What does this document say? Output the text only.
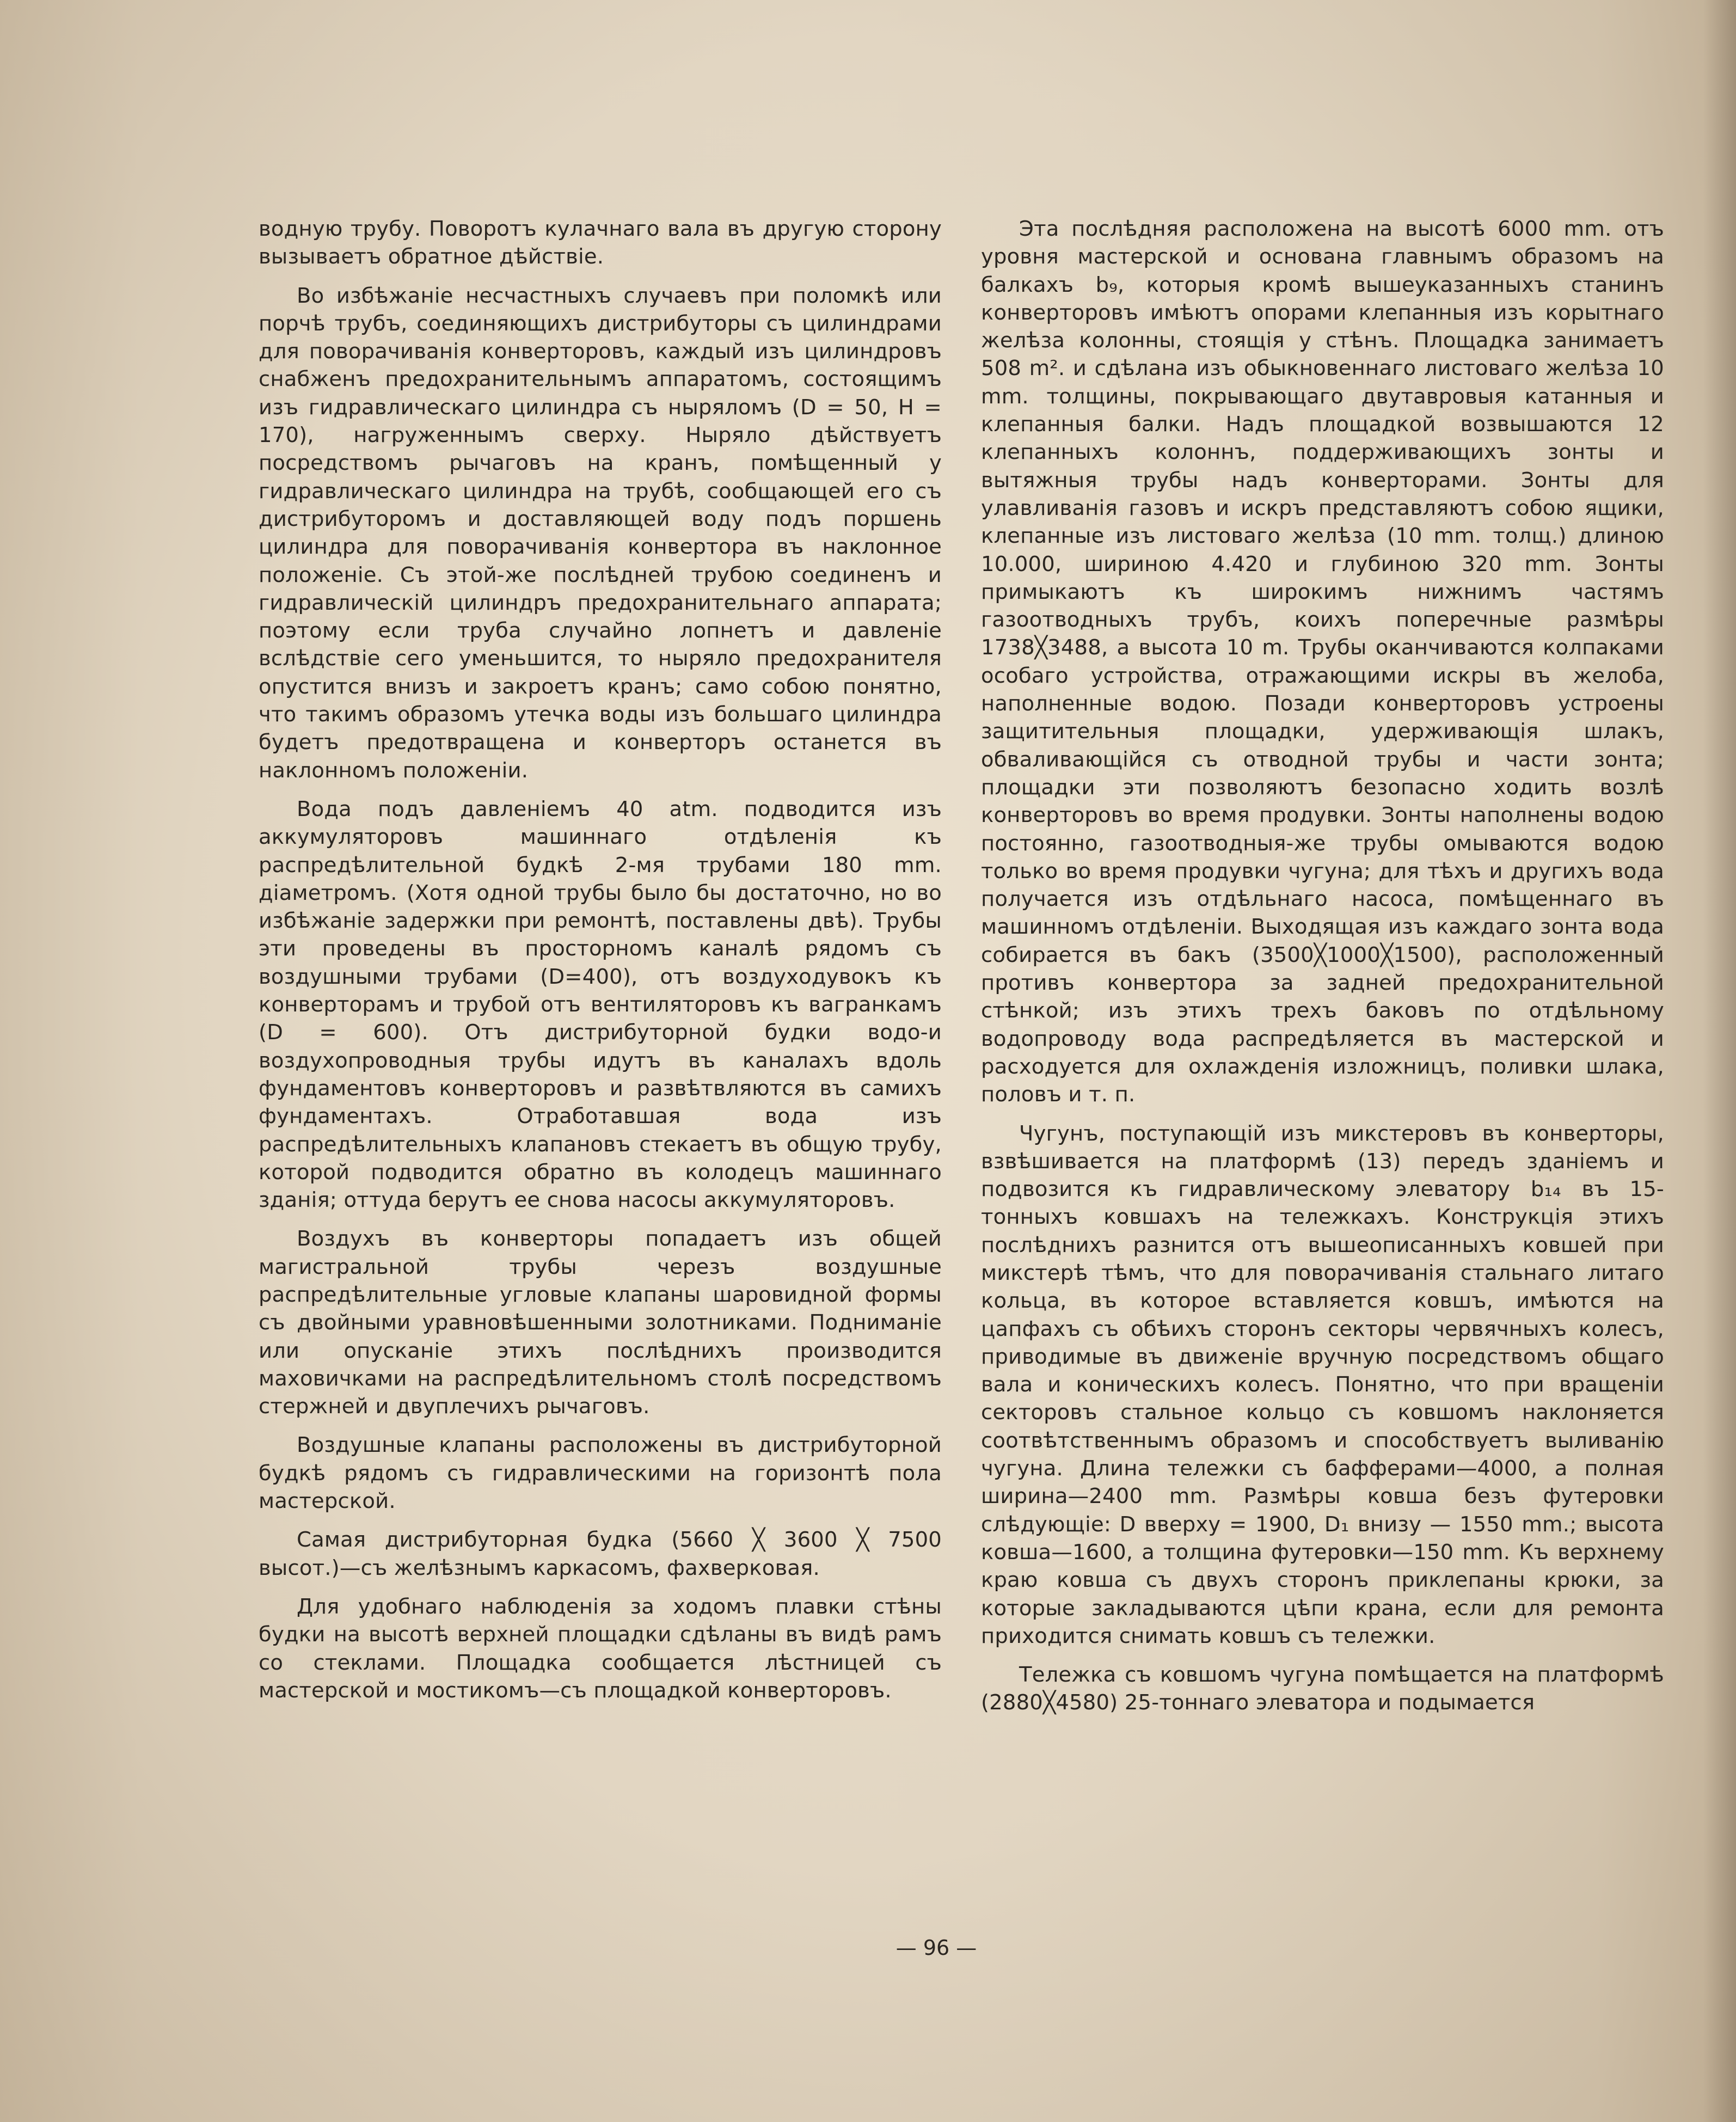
водную трубу. Поворотъ кулачнаго вала въ другую сторону вызываетъ обратное дѣйствіе.

Во избѣжаніе несчастныхъ случаевъ при поломкѣ или порчѣ трубъ, соединяющихъ дистрибуторы съ цилиндрами для поворачиванія конверторовъ, каждый изъ цилиндровъ снабженъ предохранительнымъ аппаратомъ, состоящимъ изъ гидравлическаго цилиндра съ ныряломъ (D = 50, H = 170), нагруженнымъ сверху. Нырялo дѣйствуетъ посредствомъ рычаговъ на кранъ, помѣщенный у гидравлическаго цилиндра на трубѣ, сообщающей его съ дистрибуторомъ и доставляющей воду подъ поршень цилиндра для поворачиванія конвертора въ наклонное положеніе. Съ этой-же послѣдней трубою соединенъ и гидравлическій цилиндръ предохранительнаго аппарата; поэтому если труба случайно лопнетъ и давленіе вслѣдствіе сего уменьшится, то нырялo предохранителя опустится внизъ и закроетъ кранъ; само собою понятно, что такимъ образомъ утечка воды изъ большаго цилиндра будетъ предотвращена и конверторъ останется въ наклонномъ положеніи.

Вода подъ давленіемъ 40 atm. подводится изъ аккумуляторовъ машиннаго отдѣленія къ распредѣлительной будкѣ 2-мя трубами 180 mm. діаметромъ. (Хотя одной трубы было бы достаточно, но во избѣжаніе задержки при ремонтѣ, поставлены двѣ). Трубы эти проведены въ просторномъ каналѣ рядомъ съ воздушными трубами (D=400), отъ воздуходувокъ къ конверторамъ и трубой отъ вентиляторовъ къ вагранкамъ (D = 600). Отъ дистрибуторной будки водо-и воздухопроводныя трубы идутъ въ каналахъ вдоль фундаментовъ конверторовъ и развѣтвляются въ самихъ фундаментахъ. Отработавшая вода изъ распредѣлительныхъ клапановъ стекаетъ въ общую трубу, которой подводится обратно въ колодецъ машиннаго зданія; оттуда берутъ ее снова насосы аккумуляторовъ.

Воздухъ въ конверторы попадаетъ изъ общей магистральной трубы черезъ воздушные распредѣлительные угловые клапаны шаровидной формы съ двойными уравновѣшенными золотниками. Подниманіе или опусканіе этихъ послѣднихъ производится маховичками на распредѣлительномъ столѣ посредствомъ стержней и двуплечихъ рычаговъ.

Воздушные клапаны расположены въ дистрибуторной будкѣ рядомъ съ гидравлическими на горизонтѣ пола мастерской.

Самая дистрибуторная будка (5660 ╳ 3600 ╳ 7500 высот.)—съ желѣзнымъ каркасомъ, фахверковая.

Для удобнаго наблюденія за ходомъ плавки стѣны будки на высотѣ верхней площадки сдѣланы въ видѣ рамъ со стеклами. Площадка сообщается лѣстницей съ мастерской и мостикомъ—съ площадкой конверторовъ.

Эта послѣдняя расположена на высотѣ 6000 mm. отъ уровня мастерской и основана главнымъ образомъ на балкахъ b₉, которыя кромѣ вышеуказанныхъ станинъ конверторовъ имѣютъ опорами клепанныя изъ корытнаго желѣза колонны, стоящія у стѣнъ. Площадка занимаетъ 508 m². и сдѣлана изъ обыкновеннаго листоваго желѣза 10 mm. толщины, покрывающаго двутавровыя катанныя и клепанныя балки. Надъ площадкой возвышаются 12 клепанныхъ колоннъ, поддерживающихъ зонты и вытяжныя трубы надъ конверторами. Зонты для улавливанія газовъ и искръ представляютъ собою ящики, клепанные изъ листоваго желѣза (10 mm. толщ.) длиною 10.000, шириною 4.420 и глубиною 320 mm. Зонты примыкаютъ къ широкимъ нижнимъ частямъ газоотводныхъ трубъ, коихъ поперечные размѣры 1738╳3488, а высота 10 m. Трубы оканчиваются колпаками особаго устройства, отражающими искры въ желоба, наполненные водою. Позади конверторовъ устроены защитительныя площадки, удерживающія шлакъ, обваливающійся съ отводной трубы и части зонта; площадки эти позволяютъ безопасно ходить возлѣ конверторовъ во время продувки. Зонты наполнены водою постоянно, газоотводныя-же трубы омываются водою только во время продувки чугуна; для тѣхъ и другихъ вода получается изъ отдѣльнаго насоса, помѣщеннаго въ машинномъ отдѣленіи. Выходящая изъ каждаго зонта вода собирается въ бакъ (3500╳1000╳1500), расположенный противъ конвертора за задней предохранительной стѣнкой; изъ этихъ трехъ баковъ по отдѣльному водопроводу вода распредѣляется въ мастерской и расходуется для охлажденія изложницъ, поливки шлака, половъ и т. п.

Чугунъ, поступающій изъ микстеровъ въ конверторы, взвѣшивается на платформѣ (13) передъ зданіемъ и подвозится къ гидравлическому элеватору b₁₄ въ 15-тонныхъ ковшахъ на тележкахъ. Конструкція этихъ послѣднихъ разнится отъ вышеописанныхъ ковшей при микстерѣ тѣмъ, что для поворачиванія стальнаго литаго кольца, въ которое вставляется ковшъ, имѣются на цапфахъ съ обѣихъ сторонъ секторы червячныхъ колесъ, приводимые въ движеніе вручную посредствомъ общаго вала и коническихъ колесъ. Понятно, что при вращеніи секторовъ стальное кольцо съ ковшомъ наклоняется соотвѣтственнымъ образомъ и способствуетъ выливанію чугуна. Длина тележки съ бафферами—4000, а полная ширина—2400 mm. Размѣры ковша безъ футеровки слѣдующіе: D вверху = 1900, D₁ внизу — 1550 mm.; высота ковша—1600, а толщина футеровки—150 mm. Къ верхнему краю ковша съ двухъ сторонъ приклепаны крюки, за которые закладываются цѣпи крана, если для ремонта приходится снимать ковшъ съ тележки.

Тележка съ ковшомъ чугуна помѣщается на платформѣ (2880╳4580) 25-тоннаго элеватора и подымается

— 96 —
